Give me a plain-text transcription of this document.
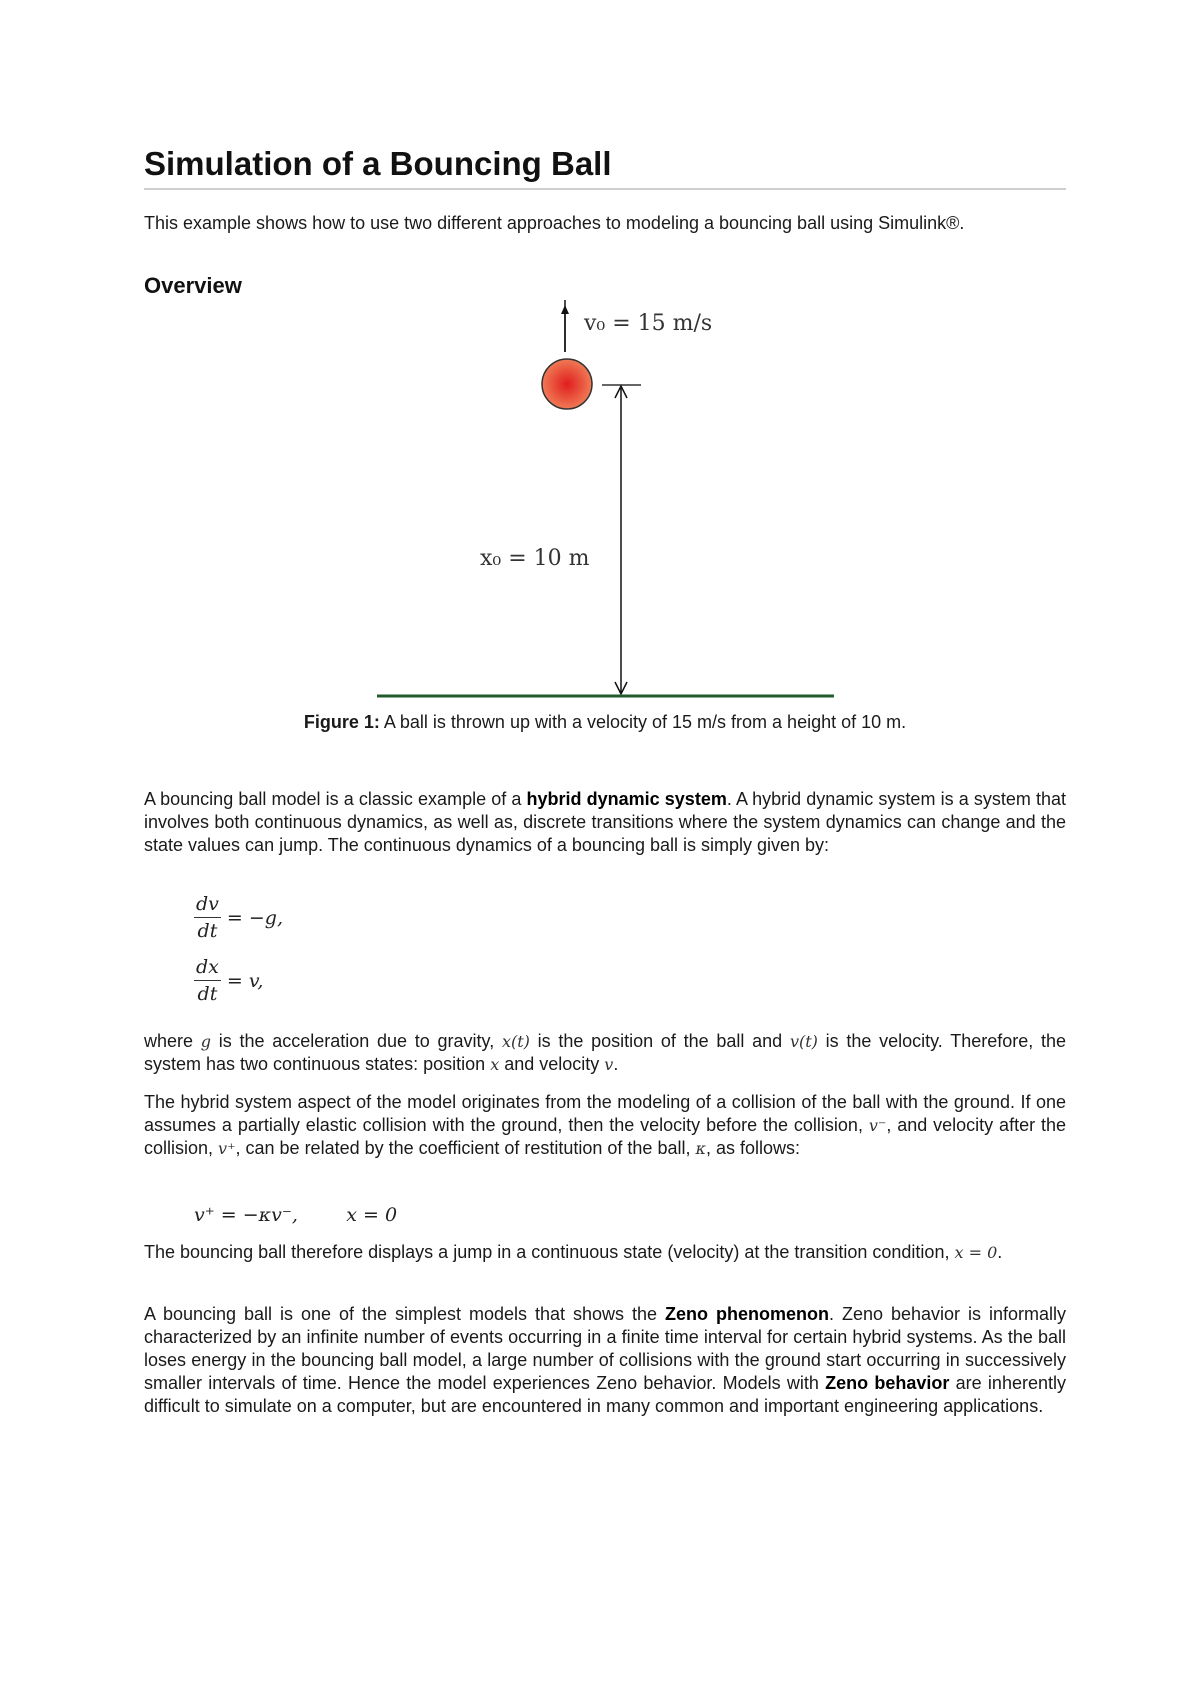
Simulation of a Bouncing Ball

This example shows how to use two different approaches to modeling a bouncing ball using Simulink®.

Overview
v₀ = 15 m/s
x₀ = 10 m
Figure 1: A ball is thrown up with a velocity of 15 m/s from a height of 10 m.

A bouncing ball model is a classic example of a hybrid dynamic system. A hybrid dynamic system is a system that involves both continuous dynamics, as well as, discrete transitions where the system dynamics can change and the state values can jump. The continuous dynamics of a bouncing ball is simply given by:

$\frac{dv}{dt} = -g$,
$\frac{dx}{dt} = v$,

where g is the acceleration due to gravity, x(t) is the position of the ball and v(t) is the velocity. Therefore, the system has two continuous states: position x and velocity v.

The hybrid system aspect of the model originates from the modeling of a collision of the ball with the ground. If one assumes a partially elastic collision with the ground, then the velocity before the collision, v⁻, and velocity after the collision, v⁺, can be related by the coefficient of restitution of the ball, κ, as follows:

v⁺ = −κv⁻,        x = 0

The bouncing ball therefore displays a jump in a continuous state (velocity) at the transition condition, x = 0.

A bouncing ball is one of the simplest models that shows the Zeno phenomenon. Zeno behavior is informally characterized by an infinite number of events occurring in a finite time interval for certain hybrid systems. As the ball loses energy in the bouncing ball model, a large number of collisions with the ground start occurring in successively smaller intervals of time. Hence the model experiences Zeno behavior. Models with Zeno behavior are inherently difficult to simulate on a computer, but are encountered in many common and important engineering applications.
